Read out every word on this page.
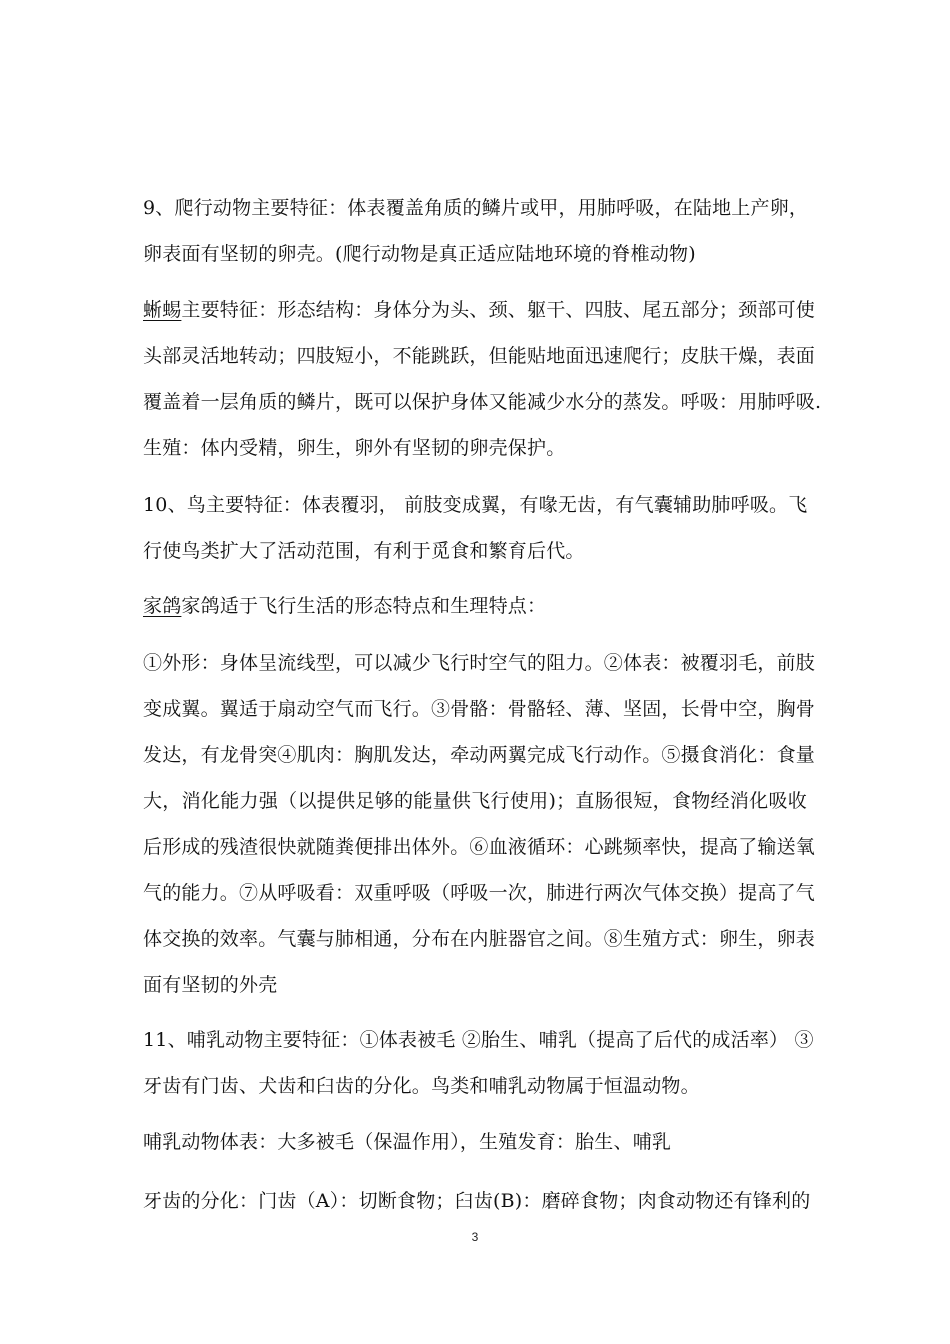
9、爬行动物主要特征：体表覆盖角质的鳞片或甲，用肺呼吸，在陆地上产卵，
卵表面有坚韧的卵壳。(爬行动物是真正适应陆地环境的脊椎动物)

蜥蜴主要特征：形态结构：身体分为头、颈、躯干、四肢、尾五部分；颈部可使
头部灵活地转动；四肢短小，不能跳跃，但能贴地面迅速爬行；皮肤干燥，表面
覆盖着一层角质的鳞片，既可以保护身体又能减少水分的蒸发。呼吸：用肺呼吸.
生殖：体内受精，卵生，卵外有坚韧的卵壳保护。

10、鸟主要特征：体表覆羽， 前肢变成翼，有喙无齿，有气囊辅助肺呼吸。飞
行使鸟类扩大了活动范围，有利于觅食和繁育后代。

家鸽家鸽适于飞行生活的形态特点和生理特点：

①外形：身体呈流线型，可以减少飞行时空气的阻力。②体表：被覆羽毛，前肢
变成翼。翼适于扇动空气而飞行。③骨骼：骨骼轻、薄、坚固，长骨中空，胸骨
发达，有龙骨突④肌肉：胸肌发达，牵动两翼完成飞行动作。⑤摄食消化：食量
大，消化能力强（以提供足够的能量供飞行使用)；直肠很短，食物经消化吸收
后形成的残渣很快就随粪便排出体外。⑥血液循环：心跳频率快，提高了输送氧
气的能力。⑦从呼吸看：双重呼吸（呼吸一次，肺进行两次气体交换）提高了气
体交换的效率。气囊与肺相通，分布在内脏器官之间。⑧生殖方式：卵生，卵表
面有坚韧的外壳

11、哺乳动物主要特征：①体表被毛 ②胎生、哺乳（提高了后代的成活率） ③
牙齿有门齿、犬齿和臼齿的分化。鸟类和哺乳动物属于恒温动物。

哺乳动物体表：大多被毛（保温作用），生殖发育：胎生、哺乳

牙齿的分化：门齿（A）：切断食物；臼齿(B)：磨碎食物；肉食动物还有锋利的

3
